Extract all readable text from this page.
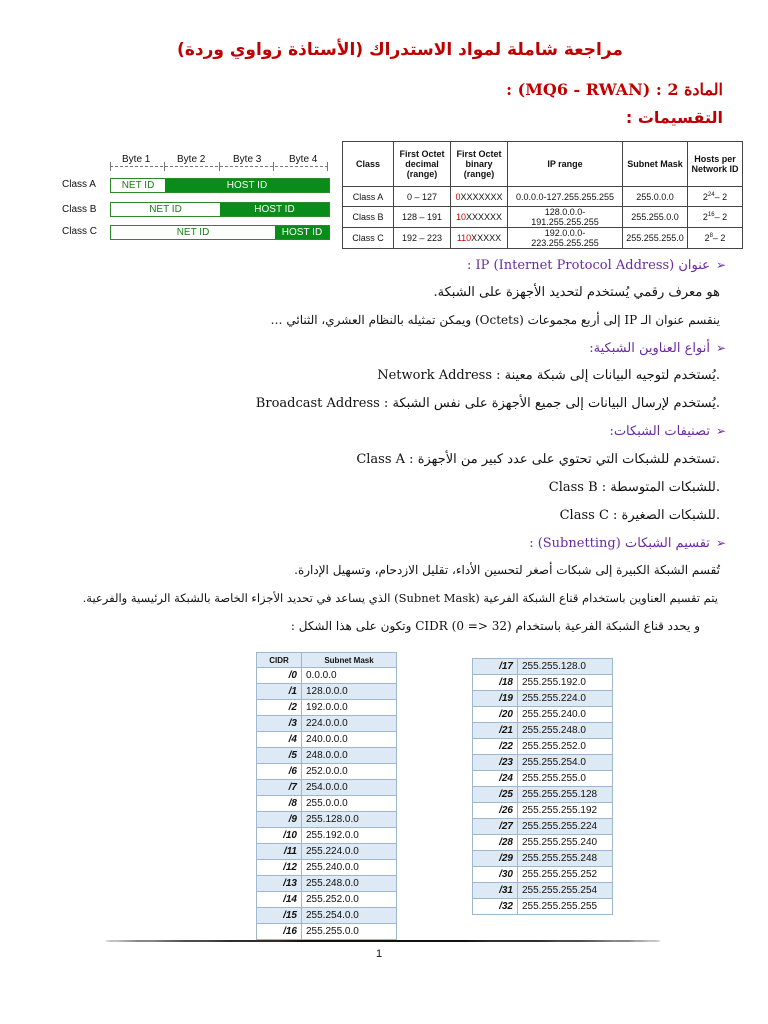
مراجعة شاملة لمواد الاستدراك (الأستاذة زواوي وردة)
المادة 2 : (MQ6 - RWAN) :
التقسيمات :
Byte 1	Byte 2	Byte 3	Byte 4
Class A	NET ID	HOST ID
Class B	NET ID	HOST ID
Class C	NET ID	HOST ID
Class	First Octet decimal (range)	First Octet binary (range)	IP range	Subnet Mask	Hosts per Network ID
Class A	0 – 127	0XXXXXXX	0.0.0.0-127.255.255.255	255.0.0.0	$2^{24}-$ 2
Class B	128 – 191	10XXXXXX	128.0.0.0-191.255.255.255	255.255.0.0	$2^{16}-$ 2
Class C	192 – 223	110XXXXX	192.0.0.0-223.255.255.255	255.255.255.0	$2^8-$ 2
➢عنوان IP (Internet Protocol Address) :
هو معرف رقمي يُستخدم لتحديد الأجهزة على الشبكة.
ينقسم عنوان الـ IP إلى أربع مجموعات (Octets) ويمكن تمثيله بالنظام العشري، الثنائي …
➢أنواع العناوين الشبكية:
Network Address : يُستخدم لتوجيه البيانات إلى شبكة معينة.
Broadcast Address : يُستخدم لإرسال البيانات إلى جميع الأجهزة على نفس الشبكة.
➢تصنيفات الشبكات:
Class A : تستخدم للشبكات التي تحتوي على عدد كبير من الأجهزة.
Class B : للشبكات المتوسطة.
Class C : للشبكات الصغيرة.
➢تقسيم الشبكات (Subnetting) :
تُقسم الشبكة الكبيرة إلى شبكات أصغر لتحسين الأداء، تقليل الازدحام، وتسهيل الإدارة.
يتم تقسيم العناوين باستخدام قناع الشبكة الفرعية (Subnet Mask) الذي يساعد في تحديد الأجزاء الخاصة بالشبكة الرئيسية والفرعية.
و يحدد قناع الشبكة الفرعية باستخدام CIDR (0 => 32) وتكون على هذا الشكل :
CIDR	Subnet Mask
/0	0.0.0.0
/1	128.0.0.0
/2	192.0.0.0
/3	224.0.0.0
/4	240.0.0.0
/5	248.0.0.0
/6	252.0.0.0
/7	254.0.0.0
/8	255.0.0.0
/9	255.128.0.0
/10	255.192.0.0
/11	255.224.0.0
/12	255.240.0.0
/13	255.248.0.0
/14	255.252.0.0
/15	255.254.0.0
/16	255.255.0.0
/17	255.255.128.0
/18	255.255.192.0
/19	255.255.224.0
/20	255.255.240.0
/21	255.255.248.0
/22	255.255.252.0
/23	255.255.254.0
/24	255.255.255.0
/25	255.255.255.128
/26	255.255.255.192
/27	255.255.255.224
/28	255.255.255.240
/29	255.255.255.248
/30	255.255.255.252
/31	255.255.255.254
/32	255.255.255.255
1
